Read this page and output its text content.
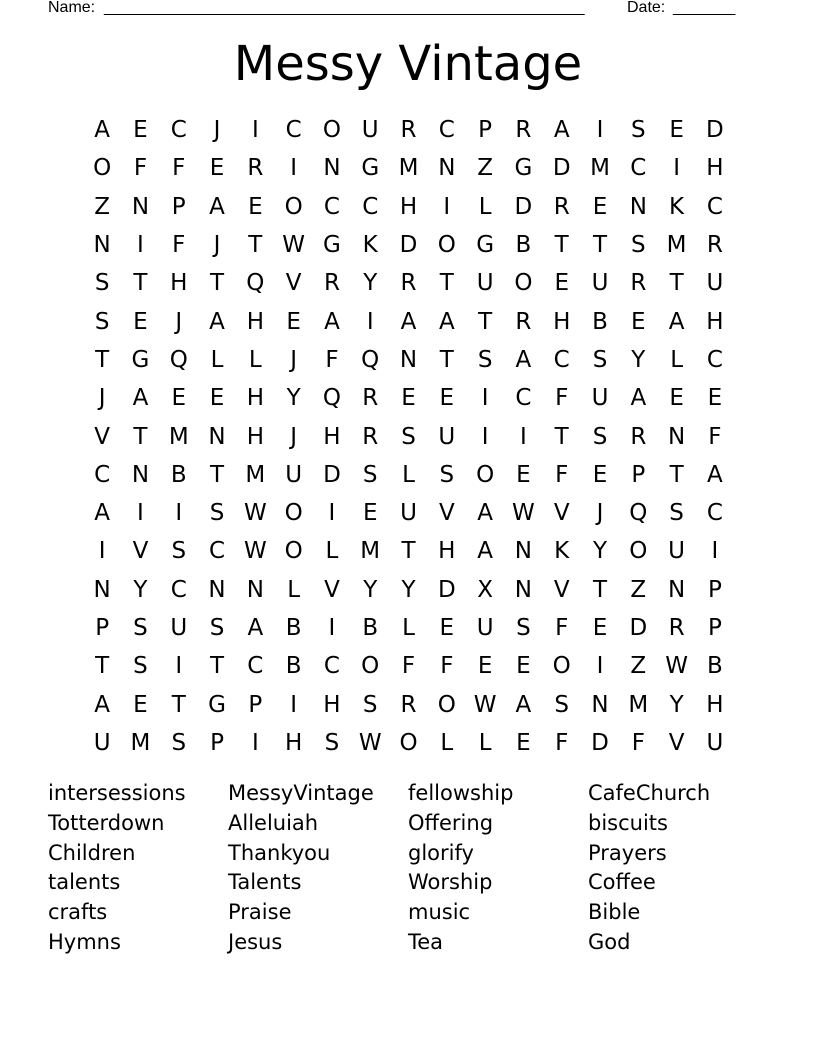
Name: ______________________________________________________	Date: _______
Messy Vintage
A	E C	J	I	C O U R C	P	R A	I	S	E D
O F	F	E	R	I	N G M N Z G D M C	I	H
Z N P	A	E O C C H	I	L	D R	E N K C
N	I	F	J	T W G K D O G B	T	T	S M R
S	T H T Q V R	Y	R	T U O E U R	T U
S	E	J	A H E	A	I	A A	T	R H B	E	A H
T G Q L	L	J	F Q N T	S	A C S	Y	L	C
J	A	E	E H Y Q R	E	E	I	C	F	U A	E	E
V	T M N H	J	H R	S U	I	I	T	S	R N	F
C N B	T M U D S	L	S O E	F	E	P	T	A
A	I	I	S W O	I	E U V A W V	J	Q S C
I	V	S C W O L M T H A N K	Y O U	I
N Y	C N N	L	V	Y	Y D X N V	T	Z N P
P	S U S	A B	I	B	L	E U S	F	E D R	P
T	S	I	T	C B C O F	F	E	E O	I	Z W B
A	E	T G P	I	H S	R O W A	S N M Y H
U M S	P	I	H S W O L	L	E	F D F	V U
intersessions	MessyVintage	fellowship	CafeChurch
Totterdown	Alleluiah	Offering	biscuits
Children	Thankyou	glorify	Prayers
talents	Talents	Worship	Coffee
crafts	Praise	music	Bible
Hymns	Jesus	Tea	God
